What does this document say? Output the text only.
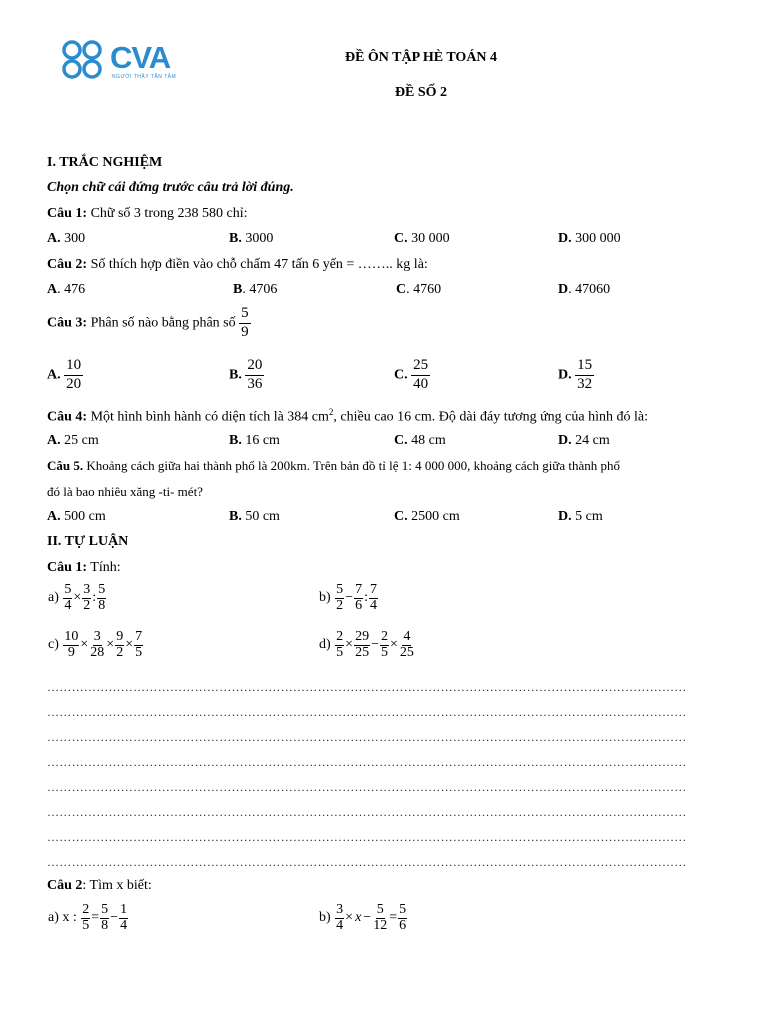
CVA
NGƯỜI THẦY TẬN TÂM
ĐỀ ÔN TẬP HÈ TOÁN 4
ĐỀ SỐ 2
I. TRẮC NGHIỆM
Chọn chữ cái đứng trước câu trả lời đúng.
Câu 1: Chữ số 3 trong 238 580 chỉ:
A. 300	B. 3000	C. 30 000	D. 300 000
Câu 2: Số thích hợp điền vào chỗ chấm 47 tấn 6 yến = …….. kg là:
A. 476	B. 4706	C. 4760	D. 47060
Câu 3: Phân số nào bằng phân số $\frac{5}{9}$
A. $\frac{10}{20}$	B. $\frac{20}{36}$	C. $\frac{25}{40}$	D. $\frac{15}{32}$
Câu 4: Một hình bình hành có diện tích là 384 $cm^2$, chiều cao 16 cm. Độ dài đáy tương ứng của hình đó là:
A. 25 cm	B. 16 cm	C. 48 cm	D. 24 cm
Câu 5. Khoảng cách giữa hai thành phố là 200km. Trên bản đồ tỉ lệ 1: 4 000 000, khoảng cách giữa thành phố
đó là bao nhiêu xăng -ti- mét?
A. 500 cm	B. 50 cm	C. 2500 cm	D. 5 cm
II. TỰ LUẬN
Câu 1: Tính:
$a) \frac{5}{4} \times \frac{3}{2}$ : $\frac{5}{8}$	$b) \frac{5}{2} - \frac{7}{6}$ : $\frac{7}{4}$
$c) \frac{10}{9} \times \frac{3}{28} \times \frac{9}{2} \times \frac{7}{5}$	$d) \frac{2}{5} \times \frac{29}{25} - \frac{2}{5} \times \frac{4}{25}$
…………………………………………………………………………………………………………………………………………
…………………………………………………………………………………………………………………………………………
…………………………………………………………………………………………………………………………………………
…………………………………………………………………………………………………………………………………………
…………………………………………………………………………………………………………………………………………
…………………………………………………………………………………………………………………………………………
…………………………………………………………………………………………………………………………………………
…………………………………………………………………………………………………………………………………………
Câu 2: Tìm x biết:
a) x : $\frac{2}{5} = \frac{5}{8} - \frac{1}{4}$	$b) \frac{3}{4} \times x - \frac{5}{12} = \frac{5}{6}$
